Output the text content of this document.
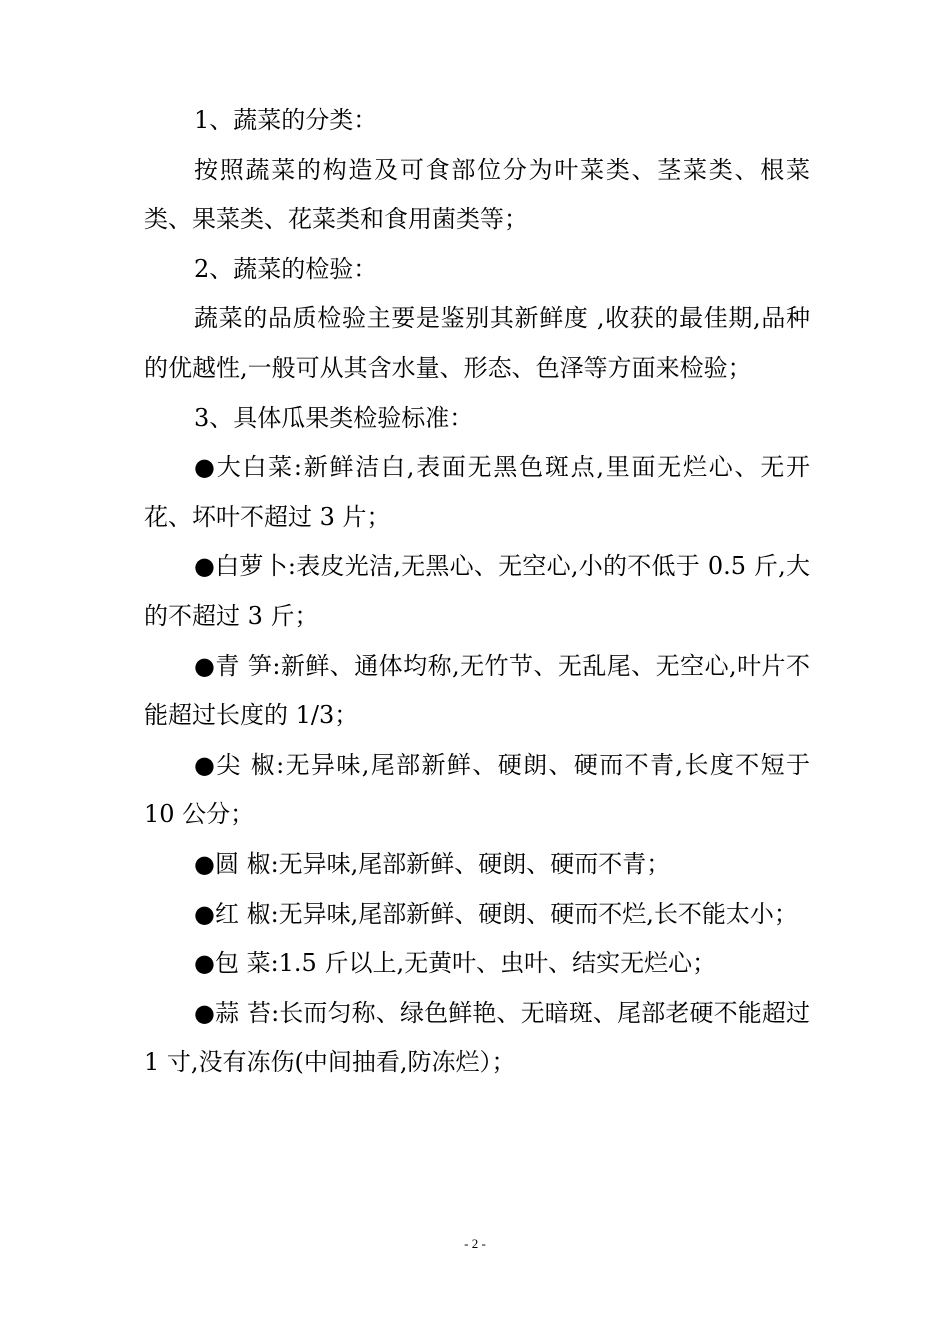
1、蔬菜的分类：

按照蔬菜的构造及可食部位分为叶菜类、茎菜类、根菜类、果菜类、花菜类和食用菌类等；

2、蔬菜的检验：

蔬菜的品质检验主要是鉴别其新鲜度 ,收获的最佳期,品种的优越性,一般可从其含水量、形态、色泽等方面来检验；

3、具体瓜果类检验标准：

●大白菜:新鲜洁白,表面无黑色斑点,里面无烂心、无开花、坏叶不超过 3 片；

●白萝卜:表皮光洁,无黑心、无空心,小的不低于 0.5 斤,大的不超过 3 斤；

●青 笋:新鲜、通体均称,无竹节、无乱尾、无空心,叶片不能超过长度的 1/3；

●尖 椒:无异味,尾部新鲜、硬朗、硬而不青,长度不短于 10 公分；

●圆 椒:无异味,尾部新鲜、硬朗、硬而不青；

●红 椒:无异味,尾部新鲜、硬朗、硬而不烂,长不能太小；

●包 菜:1.5 斤以上,无黄叶、虫叶、结实无烂心；

●蒜 苔:长而匀称、绿色鲜艳、无暗斑、尾部老硬不能超过 1 寸,没有冻伤(中间抽看,防冻烂）；

- 2 -
